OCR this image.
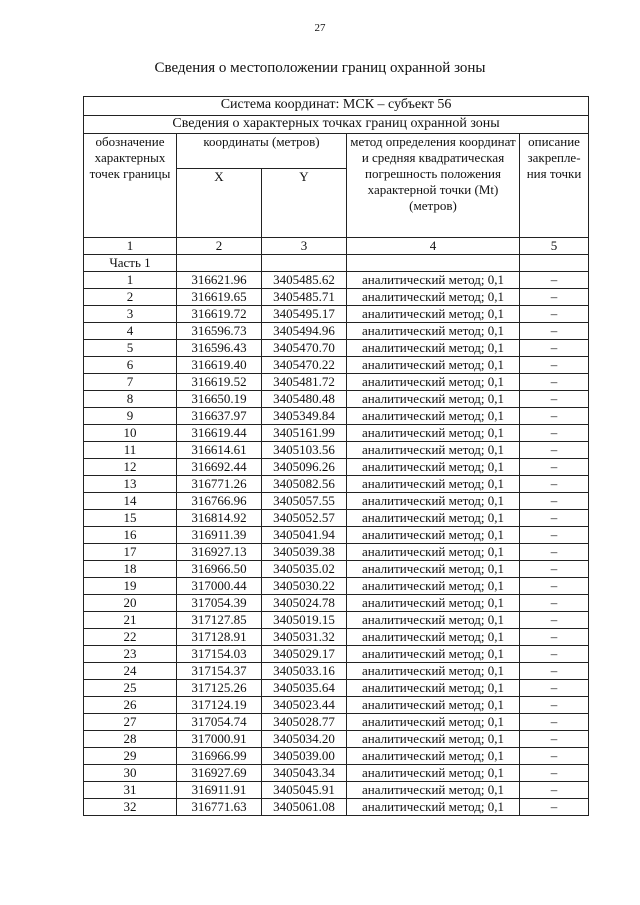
27
Сведения о местоположении границ охранной зоны
Система координат: МСК – субъект 56				
Сведения о характерных точках границ охранной зоны				
обозначение характерных точек границы	координаты (метров)		метод определения координат и средняя квадратическая погрешность положения характерной точки (Mt) (метров)	описание закрепле-ния точки
	X	Y		
1	2	3	4	5
Часть 1				
1	316621.96	3405485.62	аналитический метод; 0,1	–
2	316619.65	3405485.71	аналитический метод; 0,1	–
3	316619.72	3405495.17	аналитический метод; 0,1	–
4	316596.73	3405494.96	аналитический метод; 0,1	–
5	316596.43	3405470.70	аналитический метод; 0,1	–
6	316619.40	3405470.22	аналитический метод; 0,1	–
7	316619.52	3405481.72	аналитический метод; 0,1	–
8	316650.19	3405480.48	аналитический метод; 0,1	–
9	316637.97	3405349.84	аналитический метод; 0,1	–
10	316619.44	3405161.99	аналитический метод; 0,1	–
11	316614.61	3405103.56	аналитический метод; 0,1	–
12	316692.44	3405096.26	аналитический метод; 0,1	–
13	316771.26	3405082.56	аналитический метод; 0,1	–
14	316766.96	3405057.55	аналитический метод; 0,1	–
15	316814.92	3405052.57	аналитический метод; 0,1	–
16	316911.39	3405041.94	аналитический метод; 0,1	–
17	316927.13	3405039.38	аналитический метод; 0,1	–
18	316966.50	3405035.02	аналитический метод; 0,1	–
19	317000.44	3405030.22	аналитический метод; 0,1	–
20	317054.39	3405024.78	аналитический метод; 0,1	–
21	317127.85	3405019.15	аналитический метод; 0,1	–
22	317128.91	3405031.32	аналитический метод; 0,1	–
23	317154.03	3405029.17	аналитический метод; 0,1	–
24	317154.37	3405033.16	аналитический метод; 0,1	–
25	317125.26	3405035.64	аналитический метод; 0,1	–
26	317124.19	3405023.44	аналитический метод; 0,1	–
27	317054.74	3405028.77	аналитический метод; 0,1	–
28	317000.91	3405034.20	аналитический метод; 0,1	–
29	316966.99	3405039.00	аналитический метод; 0,1	–
30	316927.69	3405043.34	аналитический метод; 0,1	–
31	316911.91	3405045.91	аналитический метод; 0,1	–
32	316771.63	3405061.08	аналитический метод; 0,1	–
